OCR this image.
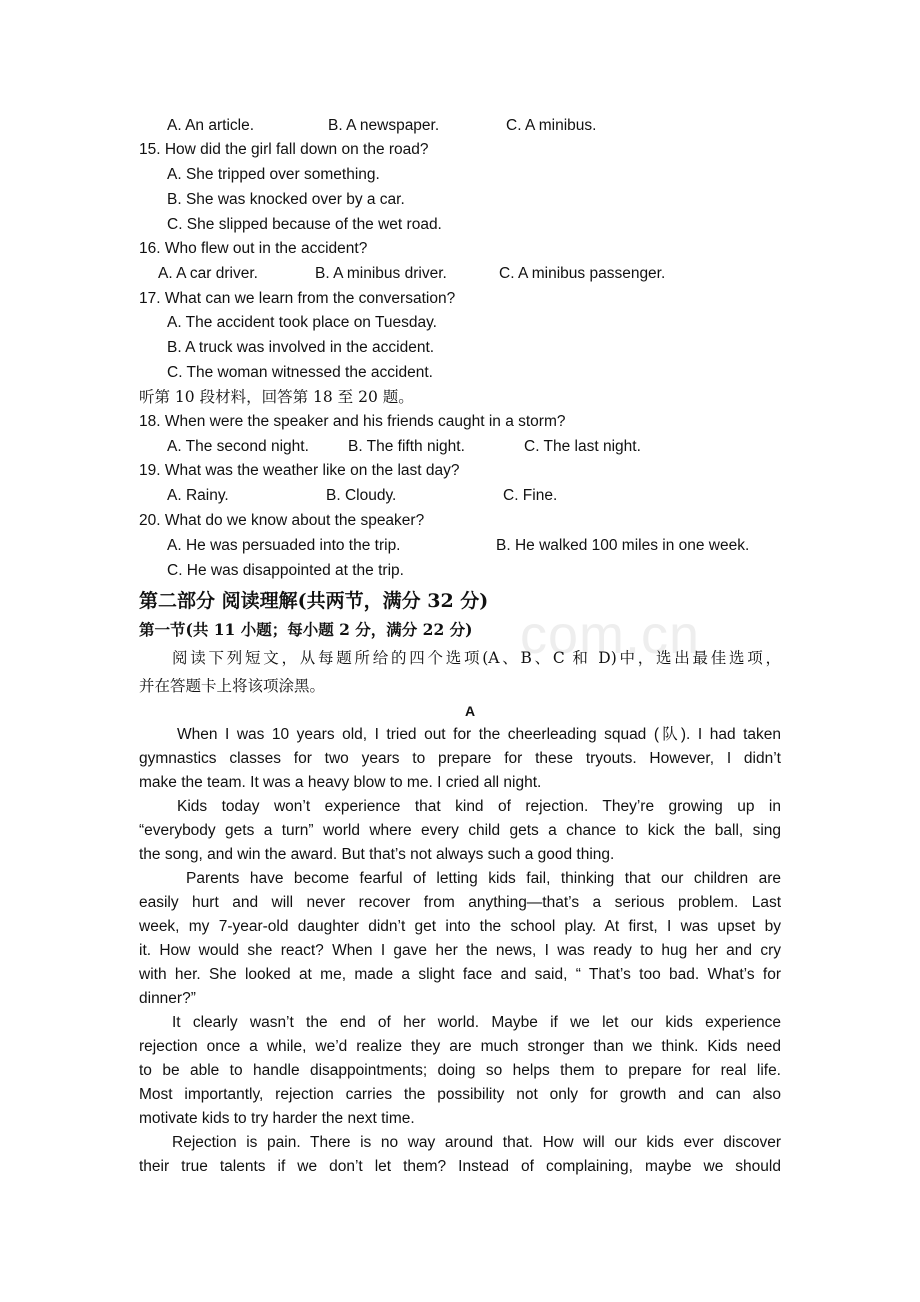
com.cn
A. An article.	B. A newspaper.	C. A minibus.
15. How did the girl fall down on the road?
A. She tripped over something.
B. She was knocked over by a car.
C. She slipped because of the wet road.
16. Who flew out in the accident?
A. A car driver.	B. A minibus driver.	C. A minibus passenger.
17. What can we learn from the conversation?
A. The accident took place on Tuesday.
B. A truck was involved in the accident.
C. The woman witnessed the accident.
听第 10 段材料，回答第 18 至 20 题。
18. When were the speaker and his friends caught in a storm?
A. The second night.	B. The fifth night.	C. The last night.
19. What was the weather like on the last day?
A. Rainy.	B. Cloudy.	C. Fine.
20. What do we know about the speaker?
A. He was persuaded into the trip.	B. He walked 100 miles in one week.
C. He was disappointed at the trip.
第二部分 阅读理解(共两节，满分 32 分)
第一节(共 11 小题；每小题 2 分，满分 22 分)
阅读下列短文，从每题所给的四个选项(A、B、C 和 D)中，选出最佳选项，
并在答题卡上将该项涂黑。
A
When I was 10 years old, I tried out for the cheerleading squad (队). I had taken
gymnastics classes for two years to prepare for these tryouts. However, I didn’t
make the team. It was a heavy blow to me. I cried all night.
Kids today won’t experience that kind of rejection. They’re growing up in
“everybody gets a turn” world where every child gets a chance to kick the ball, sing
the song, and win the award. But that’s not always such a good thing.
Parents have become fearful of letting kids fail, thinking that our children are
easily hurt and will never recover from anything—that’s a serious problem. Last
week, my 7-year-old daughter didn’t get into the school play. At first, I was upset by
it. How would she react? When I gave her the news, I was ready to hug her and cry
with her. She looked at me, made a slight face and said, “ That’s too bad. What’s for
dinner?”
It clearly wasn’t the end of her world. Maybe if we let our kids experience
rejection once a while, we’d realize they are much stronger than we think. Kids need
to be able to handle disappointments; doing so helps them to prepare for real life.
Most importantly, rejection carries the possibility not only for growth and can also
motivate kids to try harder the next time.
Rejection is pain. There is no way around that. How will our kids ever discover
their true talents if we don’t let them? Instead of complaining, maybe we should
